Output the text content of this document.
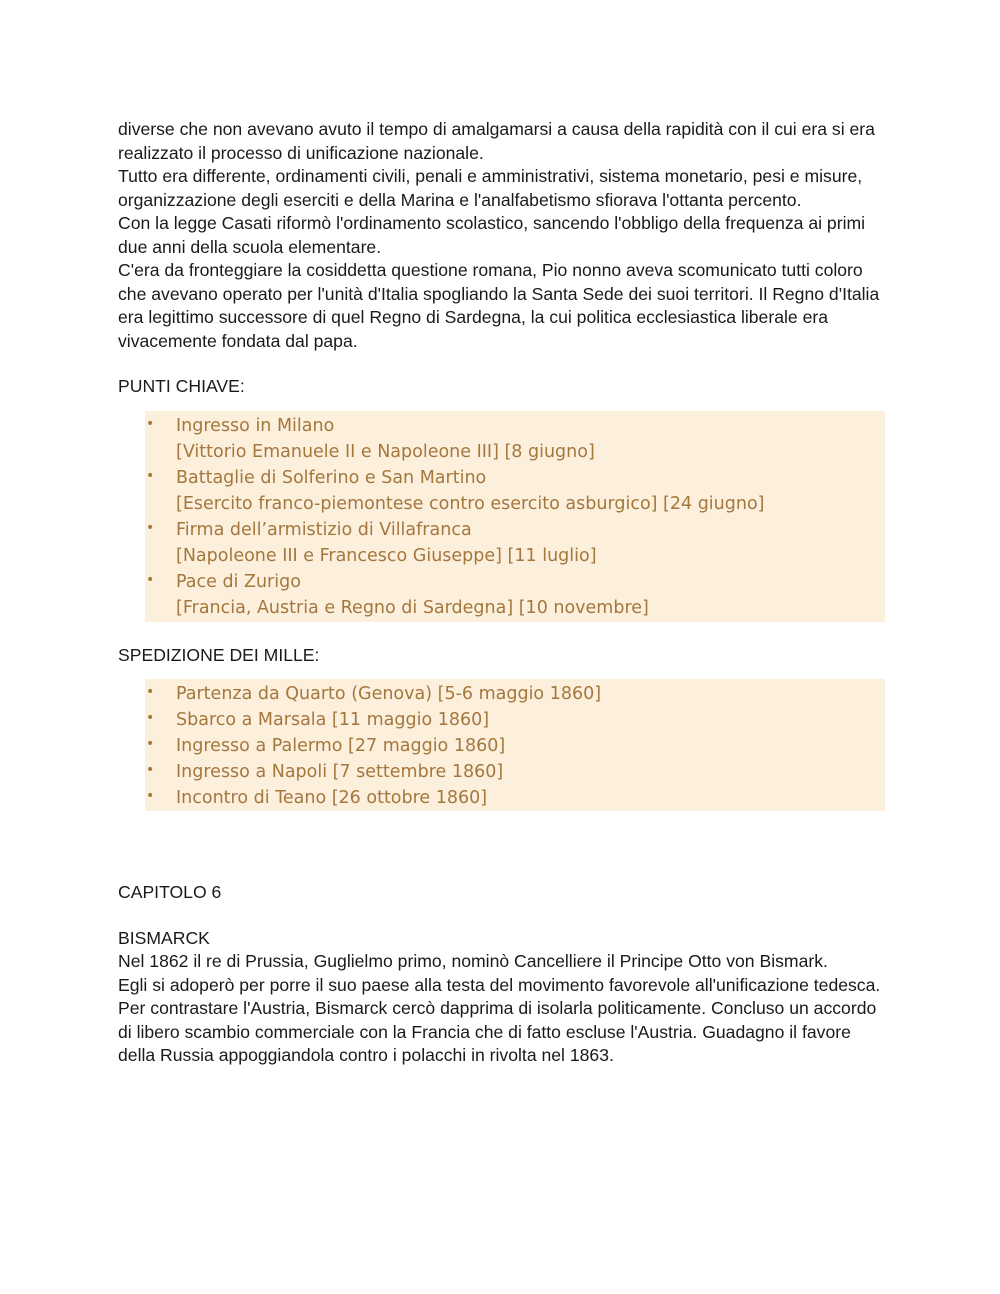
diverse che non avevano avuto il tempo di amalgamarsi a causa della rapidità con il cui era si era realizzato il processo di unificazione nazionale.

Tutto era differente, ordinamenti civili, penali e amministrativi, sistema monetario, pesi e misure, organizzazione degli eserciti e della Marina e l'analfabetismo sfiorava l'ottanta percento.

Con la legge Casati riformò l'ordinamento scolastico, sancendo l'obbligo della frequenza ai primi due anni della scuola elementare.

C'era da fronteggiare la cosiddetta questione romana, Pio nonno aveva scomunicato tutti coloro che avevano operato per l'unità d'Italia spogliando la Santa Sede dei suoi territori. Il Regno d'Italia era legittimo successore di quel Regno di Sardegna, la cui politica ecclesiastica liberale era vivacemente fondata dal papa.

PUNTI CHIAVE:

• Ingresso in Milano
[Vittorio Emanuele II e Napoleone III] [8 giugno]
• Battaglie di Solferino e San Martino
[Esercito franco-piemontese contro esercito asburgico] [24 giugno]
• Firma dell’armistizio di Villafranca
[Napoleone III e Francesco Giuseppe] [11 luglio]
• Pace di Zurigo
[Francia, Austria e Regno di Sardegna] [10 novembre]

SPEDIZIONE DEI MILLE:

• Partenza da Quarto (Genova) [5-6 maggio 1860]
• Sbarco a Marsala [11 maggio 1860]
• Ingresso a Palermo [27 maggio 1860]
• Ingresso a Napoli [7 settembre 1860]
• Incontro di Teano [26 ottobre 1860]

CAPITOLO 6

BISMARCK

Nel 1862 il re di Prussia, Guglielmo primo, nominò Cancelliere il Principe Otto von Bismark.

Egli si adoperò per porre il suo paese alla testa del movimento favorevole all'unificazione tedesca. Per contrastare l'Austria, Bismarck cercò dapprima di isolarla politicamente. Concluso un accordo di libero scambio commerciale con la Francia che di fatto escluse l'Austria. Guadagno il favore della Russia appoggiandola contro i polacchi in rivolta nel 1863.
